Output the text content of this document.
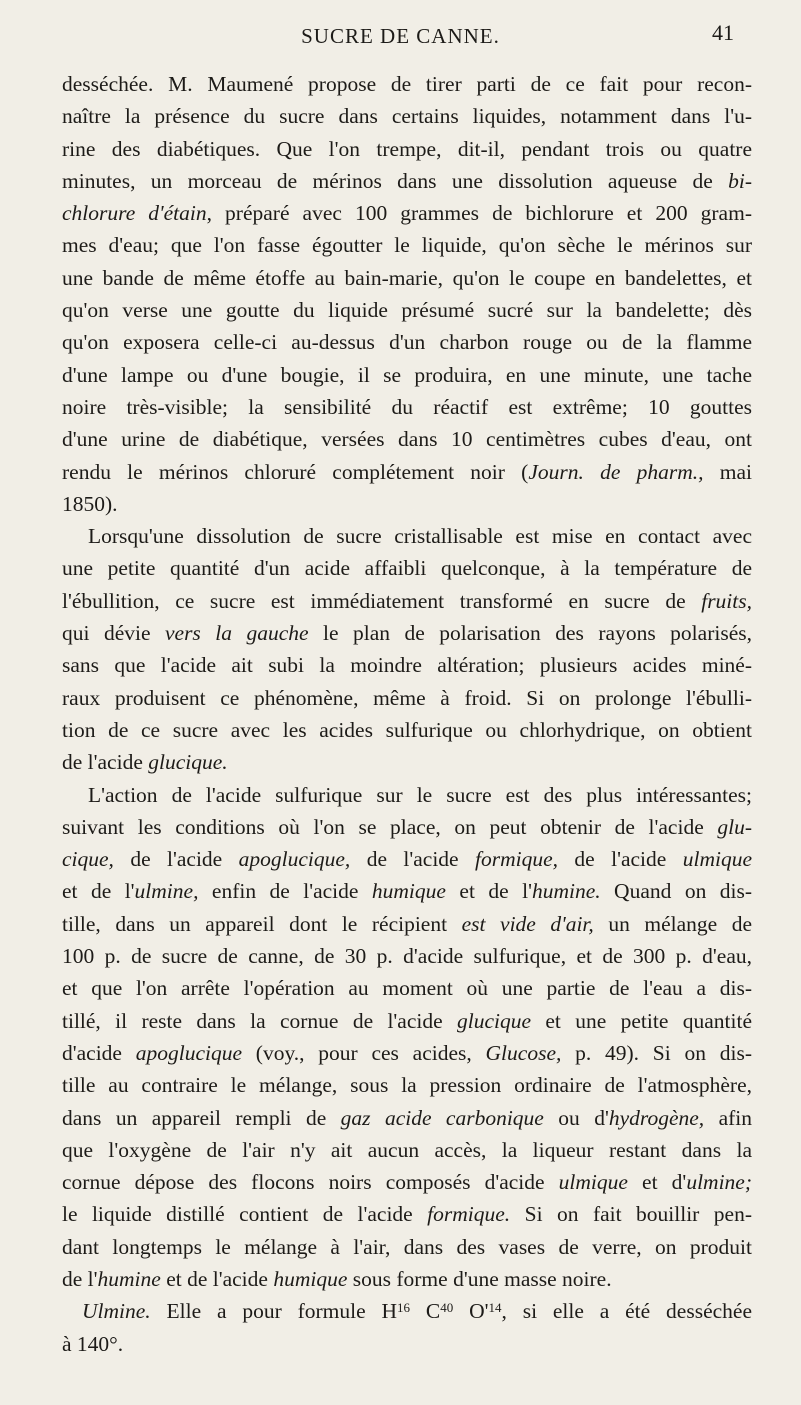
SUCRE DE CANNE.	41
desséchée. M. Maumené propose de tirer parti de ce fait pour recon-
naître la présence du sucre dans certains liquides, notamment dans l'u-
rine des diabétiques. Que l'on trempe, dit-il, pendant trois ou quatre
minutes, un morceau de mérinos dans une dissolution aqueuse de bi-
chlorure d'étain, préparé avec 100 grammes de bichlorure et 200 gram-
mes d'eau; que l'on fasse égoutter le liquide, qu'on sèche le mérinos sur
une bande de même étoffe au bain-marie, qu'on le coupe en bandelettes, et
qu'on verse une goutte du liquide présumé sucré sur la bandelette; dès
qu'on exposera celle-ci au-dessus d'un charbon rouge ou de la flamme
d'une lampe ou d'une bougie, il se produira, en une minute, une tache
noire très-visible; la sensibilité du réactif est extrême; 10 gouttes
d'une urine de diabétique, versées dans 10 centimètres cubes d'eau, ont
rendu le mérinos chloruré complétement noir (Journ. de pharm., mai
1850).
Lorsqu'une dissolution de sucre cristallisable est mise en contact avec
une petite quantité d'un acide affaibli quelconque, à la température de
l'ébullition, ce sucre est immédiatement transformé en sucre de fruits,
qui dévie vers la gauche le plan de polarisation des rayons polarisés,
sans que l'acide ait subi la moindre altération; plusieurs acides miné-
raux produisent ce phénomène, même à froid. Si on prolonge l'ébulli-
tion de ce sucre avec les acides sulfurique ou chlorhydrique, on obtient
de l'acide glucique.
L'action de l'acide sulfurique sur le sucre est des plus intéressantes;
suivant les conditions où l'on se place, on peut obtenir de l'acide glu-
cique, de l'acide apoglucique, de l'acide formique, de l'acide ulmique
et de l'ulmine, enfin de l'acide humique et de l'humine. Quand on dis-
tille, dans un appareil dont le récipient est vide d'air, un mélange de
100 p. de sucre de canne, de 30 p. d'acide sulfurique, et de 300 p. d'eau,
et que l'on arrête l'opération au moment où une partie de l'eau a dis-
tillé, il reste dans la cornue de l'acide glucique et une petite quantité
d'acide apoglucique (voy., pour ces acides, Glucose, p. 49). Si on dis-
tille au contraire le mélange, sous la pression ordinaire de l'atmosphère,
dans un appareil rempli de gaz acide carbonique ou d'hydrogène, afin
que l'oxygène de l'air n'y ait aucun accès, la liqueur restant dans la
cornue dépose des flocons noirs composés d'acide ulmique et d'ulmine;
le liquide distillé contient de l'acide formique. Si on fait bouillir pen-
dant longtemps le mélange à l'air, dans des vases de verre, on produit
de l'humine et de l'acide humique sous forme d'une masse noire.
Ulmine. Elle a pour formule $H^{16}$ $C^{40}$ $O'^{14}$, si elle a été desséchée
à 140°.
